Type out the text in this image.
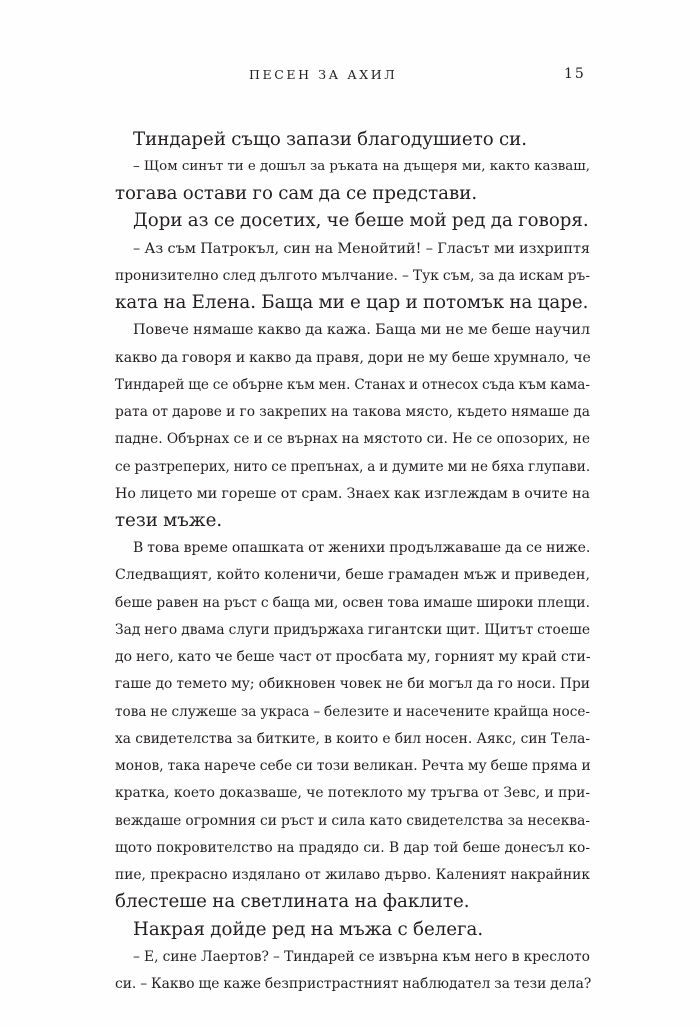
ПЕСЕН ЗА АХИЛ	15
Тиндарей също запази благодушието си.
– Щом синът ти е дошъл за ръката на дъщеря ми, както казваш,
тогава остави го сам да се представи.
Дори аз се досетих, че беше мой ред да говоря.
– Аз съм Патрокъл, син на Менойтий! – Гласът ми изхриптя
пронизително след дългото мълчание. – Тук съм, за да искам ръ-
ката на Елена. Баща ми е цар и потомък на царе.
Повече нямаше какво да кажа. Баща ми не ме беше научил
какво да говоря и какво да правя, дори не му беше хрумнало, че
Тиндарей ще се обърне към мен. Станах и отнесох съда към кама-
рата от дарове и го закрепих на такова място, където нямаше да
падне. Обърнах се и се върнах на мястото си. Не се опозорих, не
се разтреперих, нито се препънах, а и думите ми не бяха глупави.
Но лицето ми гореше от срам. Знаех как изглеждам в очите на
тези мъже.
В това време опашката от женихи продължаваше да се ниже.
Следващият, който коленичи, беше грамаден мъж и приведен,
беше равен на ръст с баща ми, освен това имаше широки плещи.
Зад него двама слуги придържаха гигантски щит. Щитът стоеше
до него, като че беше част от просбата му, горният му край сти-
гаше до темето му; обикновен човек не би могъл да го носи. При
това не служеше за украса – белезите и насечените крайща носе-
ха свидетелства за битките, в които е бил носен. Аякс, син Тела-
монов, така нарече себе си този великан. Речта му беше пряма и
кратка, което доказваше, че потеклото му тръгва от Зевс, и при-
веждаше огромния си ръст и сила като свидетелства за несеква-
щото покровителство на прадядо си. В дар той беше донесъл ко-
пие, прекрасно издялано от жилаво дърво. Каленият накрайник
блестеше на светлината на факлите.
Накрая дойде ред на мъжа с белега.
– Е, сине Лаертов? – Тиндарей се извърна към него в креслото
си. – Какво ще каже безпристрастният наблюдател за тези дела?
